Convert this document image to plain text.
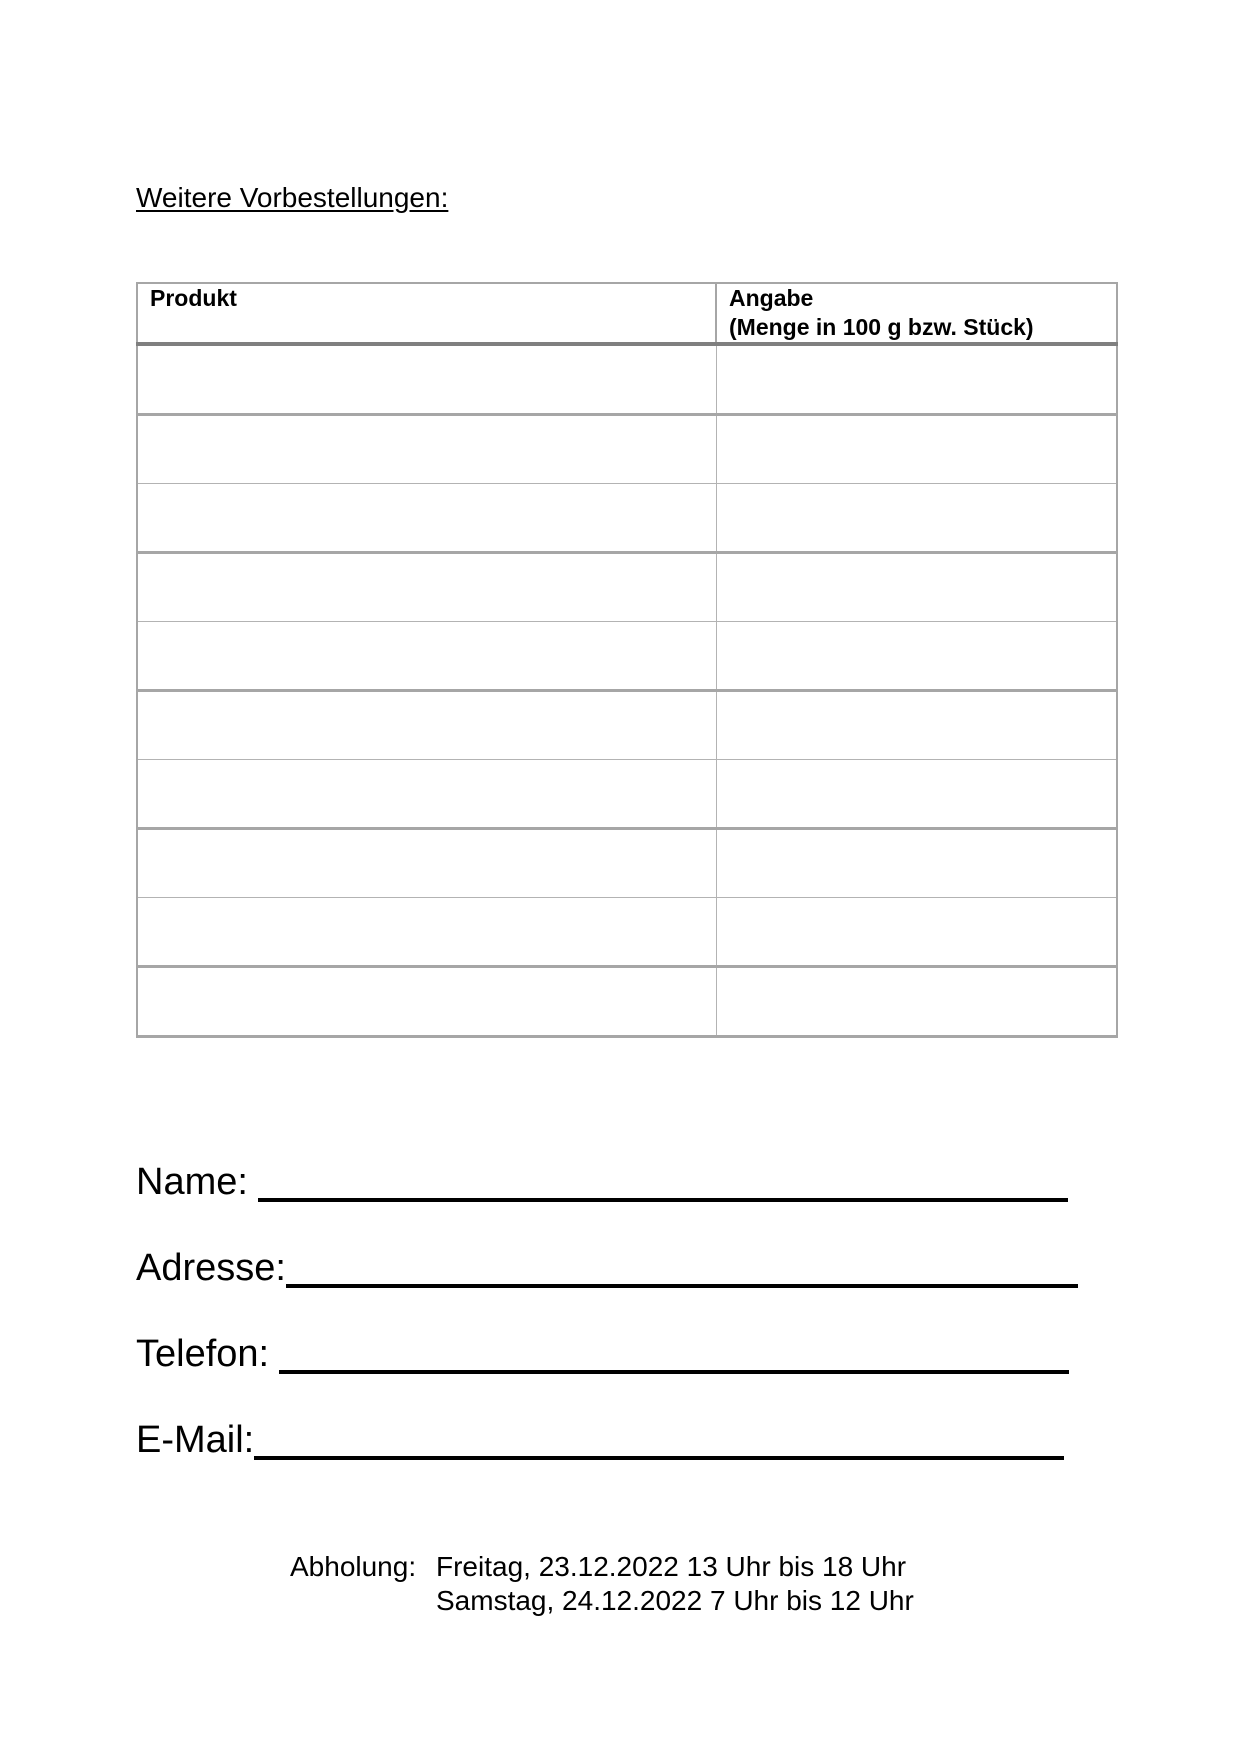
Weitere Vorbestellungen:
Produkt	Angabe
(Menge in 100 g bzw. Stück)

Name:
Adresse:
Telefon:
E-Mail:
Abholung: Freitag, 23.12.2022 13 Uhr bis 18 Uhr
Samstag, 24.12.2022 7 Uhr bis 12 Uhr
